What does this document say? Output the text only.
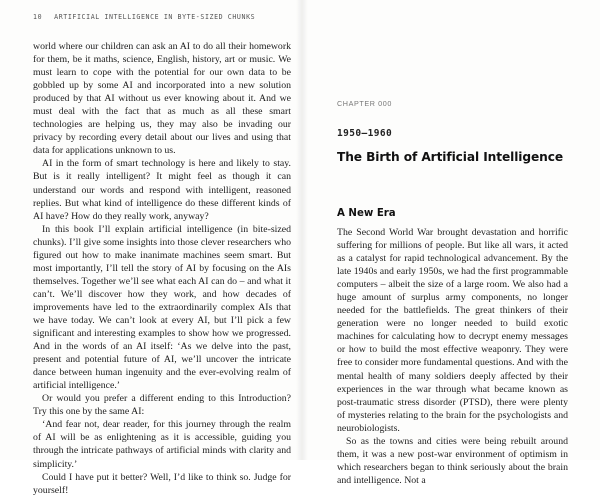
10 ARTIFICIAL INTELLIGENCE IN BYTE-SIZED CHUNKS

world where our children can ask an AI to do all their homework for them, be it maths, science, English, history, art or music. We must learn to cope with the potential for our own data to be gobbled up by some AI and incorporated into a new solution produced by that AI without us ever knowing about it. And we must deal with the fact that as much as all these smart technologies are helping us, they may also be invading our privacy by recording every detail about our lives and using that data for applications unknown to us.

AI in the form of smart technology is here and likely to stay. But is it really intelligent? It might feel as though it can understand our words and respond with intelligent, reasoned replies. But what kind of intelligence do these different kinds of AI have? How do they really work, anyway?

In this book I’ll explain artificial intelligence (in bite-sized chunks). I’ll give some insights into those clever researchers who figured out how to make inanimate machines seem smart. But most importantly, I’ll tell the story of AI by focusing on the AIs themselves. Together we’ll see what each AI can do – and what it can’t. We’ll discover how they work, and how decades of improvements have led to the extraordinarily complex AIs that we have today. We can’t look at every AI, but I’ll pick a few significant and interesting examples to show how we progressed. And in the words of an AI itself: ‘As we delve into the past, present and potential future of AI, we’ll uncover the intricate dance between human ingenuity and the ever-evolving realm of artificial intelligence.’

Or would you prefer a different ending to this Introduction? Try this one by the same AI:

‘And fear not, dear reader, for this journey through the realm of AI will be as enlightening as it is accessible, guiding you through the intricate pathways of artificial minds with clarity and simplicity.’

Could I have put it better? Well, I’d like to think so. Judge for yourself!

CHAPTER 000
1950–1960
The Birth of Artificial Intelligence
A New Era

The Second World War brought devastation and horrific suffering for millions of people. But like all wars, it acted as a catalyst for rapid technological advancement. By the late 1940s and early 1950s, we had the first programmable computers – albeit the size of a large room. We also had a huge amount of surplus army components, no longer needed for the battlefields. The great thinkers of their generation were no longer needed to build exotic machines for calculating how to decrypt enemy messages or how to build the most effective weaponry. They were free to consider more fundamental questions. And with the mental health of many soldiers deeply affected by their experiences in the war through what became known as post-traumatic stress disorder (PTSD), there were plenty of mysteries relating to the brain for the psychologists and neurobiologists.

So as the towns and cities were being rebuilt around them, it was a new post-war environment of optimism in which researchers began to think seriously about the brain and intelligence. Not a
